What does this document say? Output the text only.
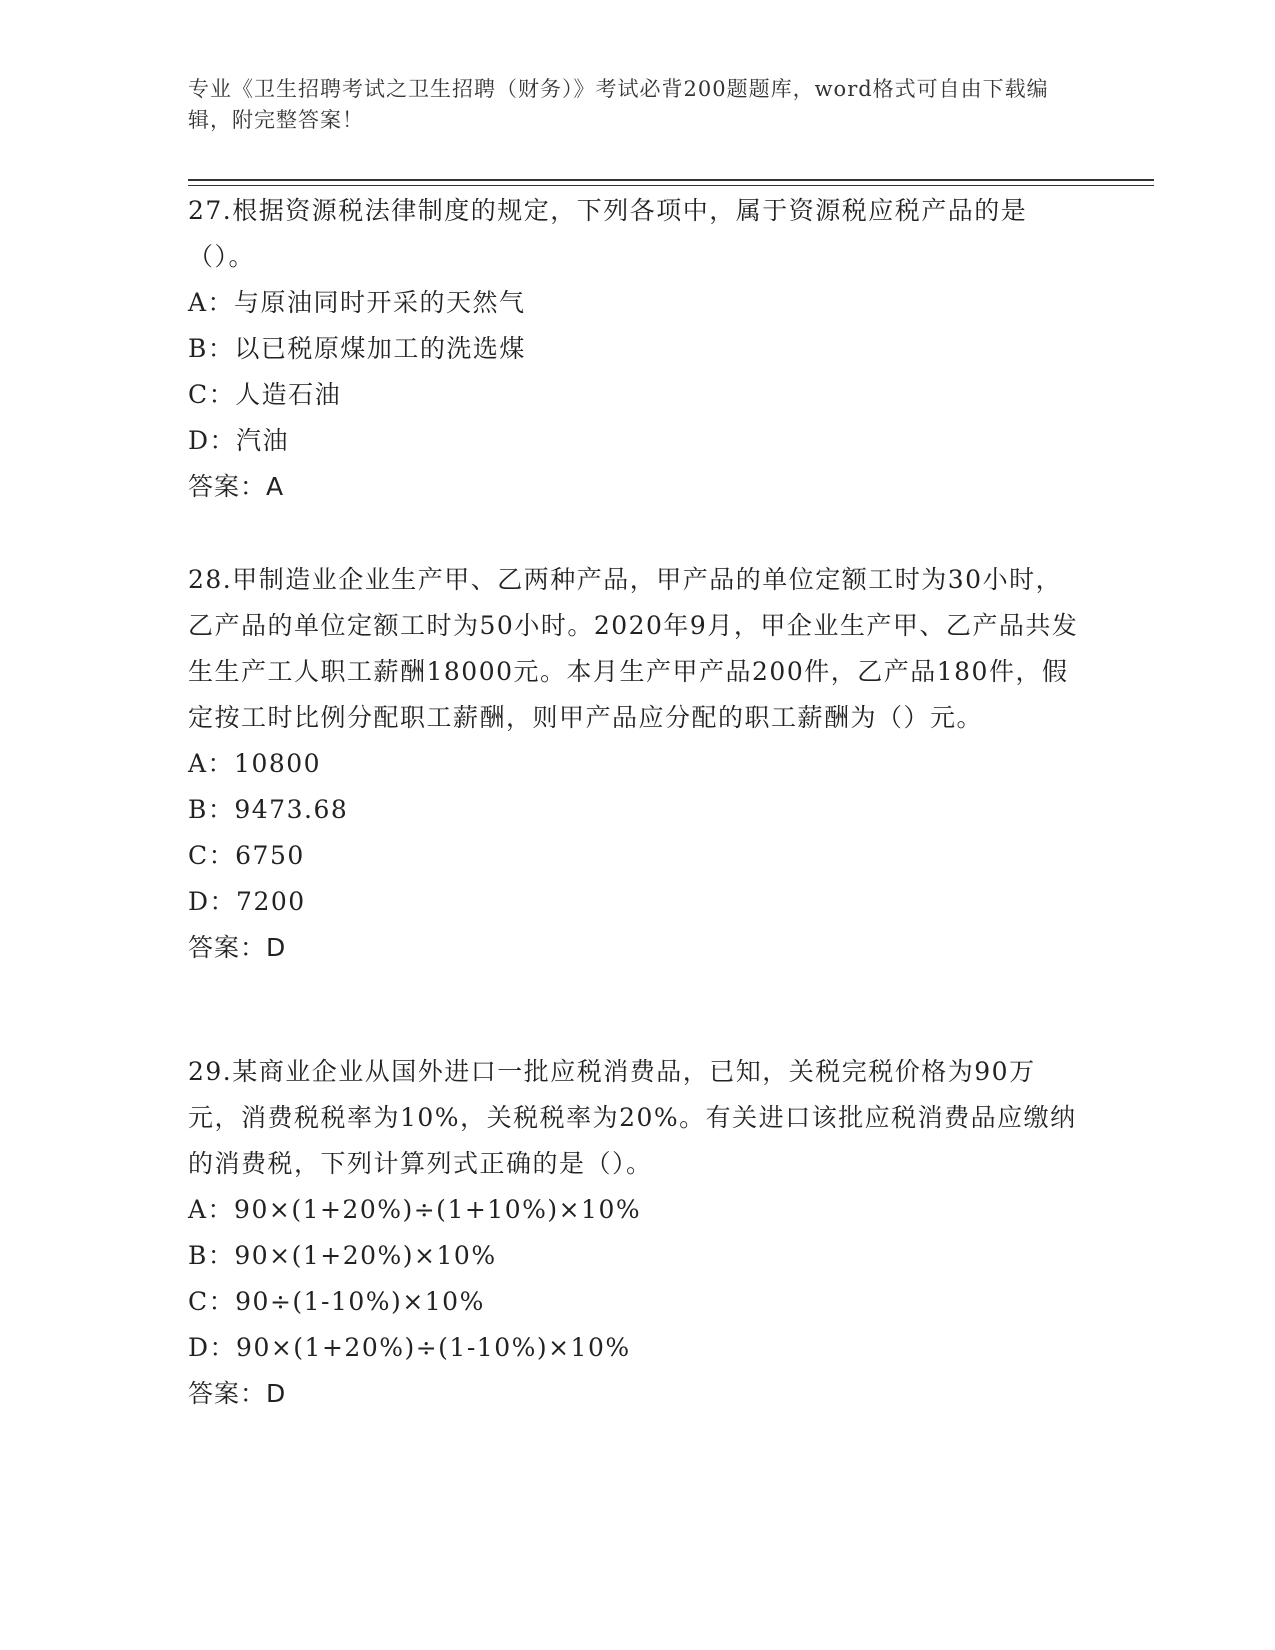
专业《卫生招聘考试之卫生招聘（财务）》考试必背200题题库，word格式可自由下载编辑，附完整答案！

27.根据资源税法律制度的规定，下列各项中，属于资源税应税产品的是（）。

A：与原油同时开采的天然气

B：以已税原煤加工的洗选煤

C：人造石油

D：汽油

答案：A

28.甲制造业企业生产甲、乙两种产品，甲产品的单位定额工时为30小时，乙产品的单位定额工时为50小时。2020年9月，甲企业生产甲、乙产品共发生生产工人职工薪酬18000元。本月生产甲产品200件，乙产品180件，假定按工时比例分配职工薪酬，则甲产品应分配的职工薪酬为（）元。

A：10800

B：9473.68

C：6750

D：7200

答案：D

29.某商业企业从国外进口一批应税消费品，已知，关税完税价格为90万元，消费税税率为10%，关税税率为20%。有关进口该批应税消费品应缴纳的消费税，下列计算列式正确的是（）。

A：90×(1+20%)÷(1+10%)×10%

B：90×(1+20%)×10%

C：90÷(1-10%)×10%

D：90×(1+20%)÷(1-10%)×10%

答案：D
